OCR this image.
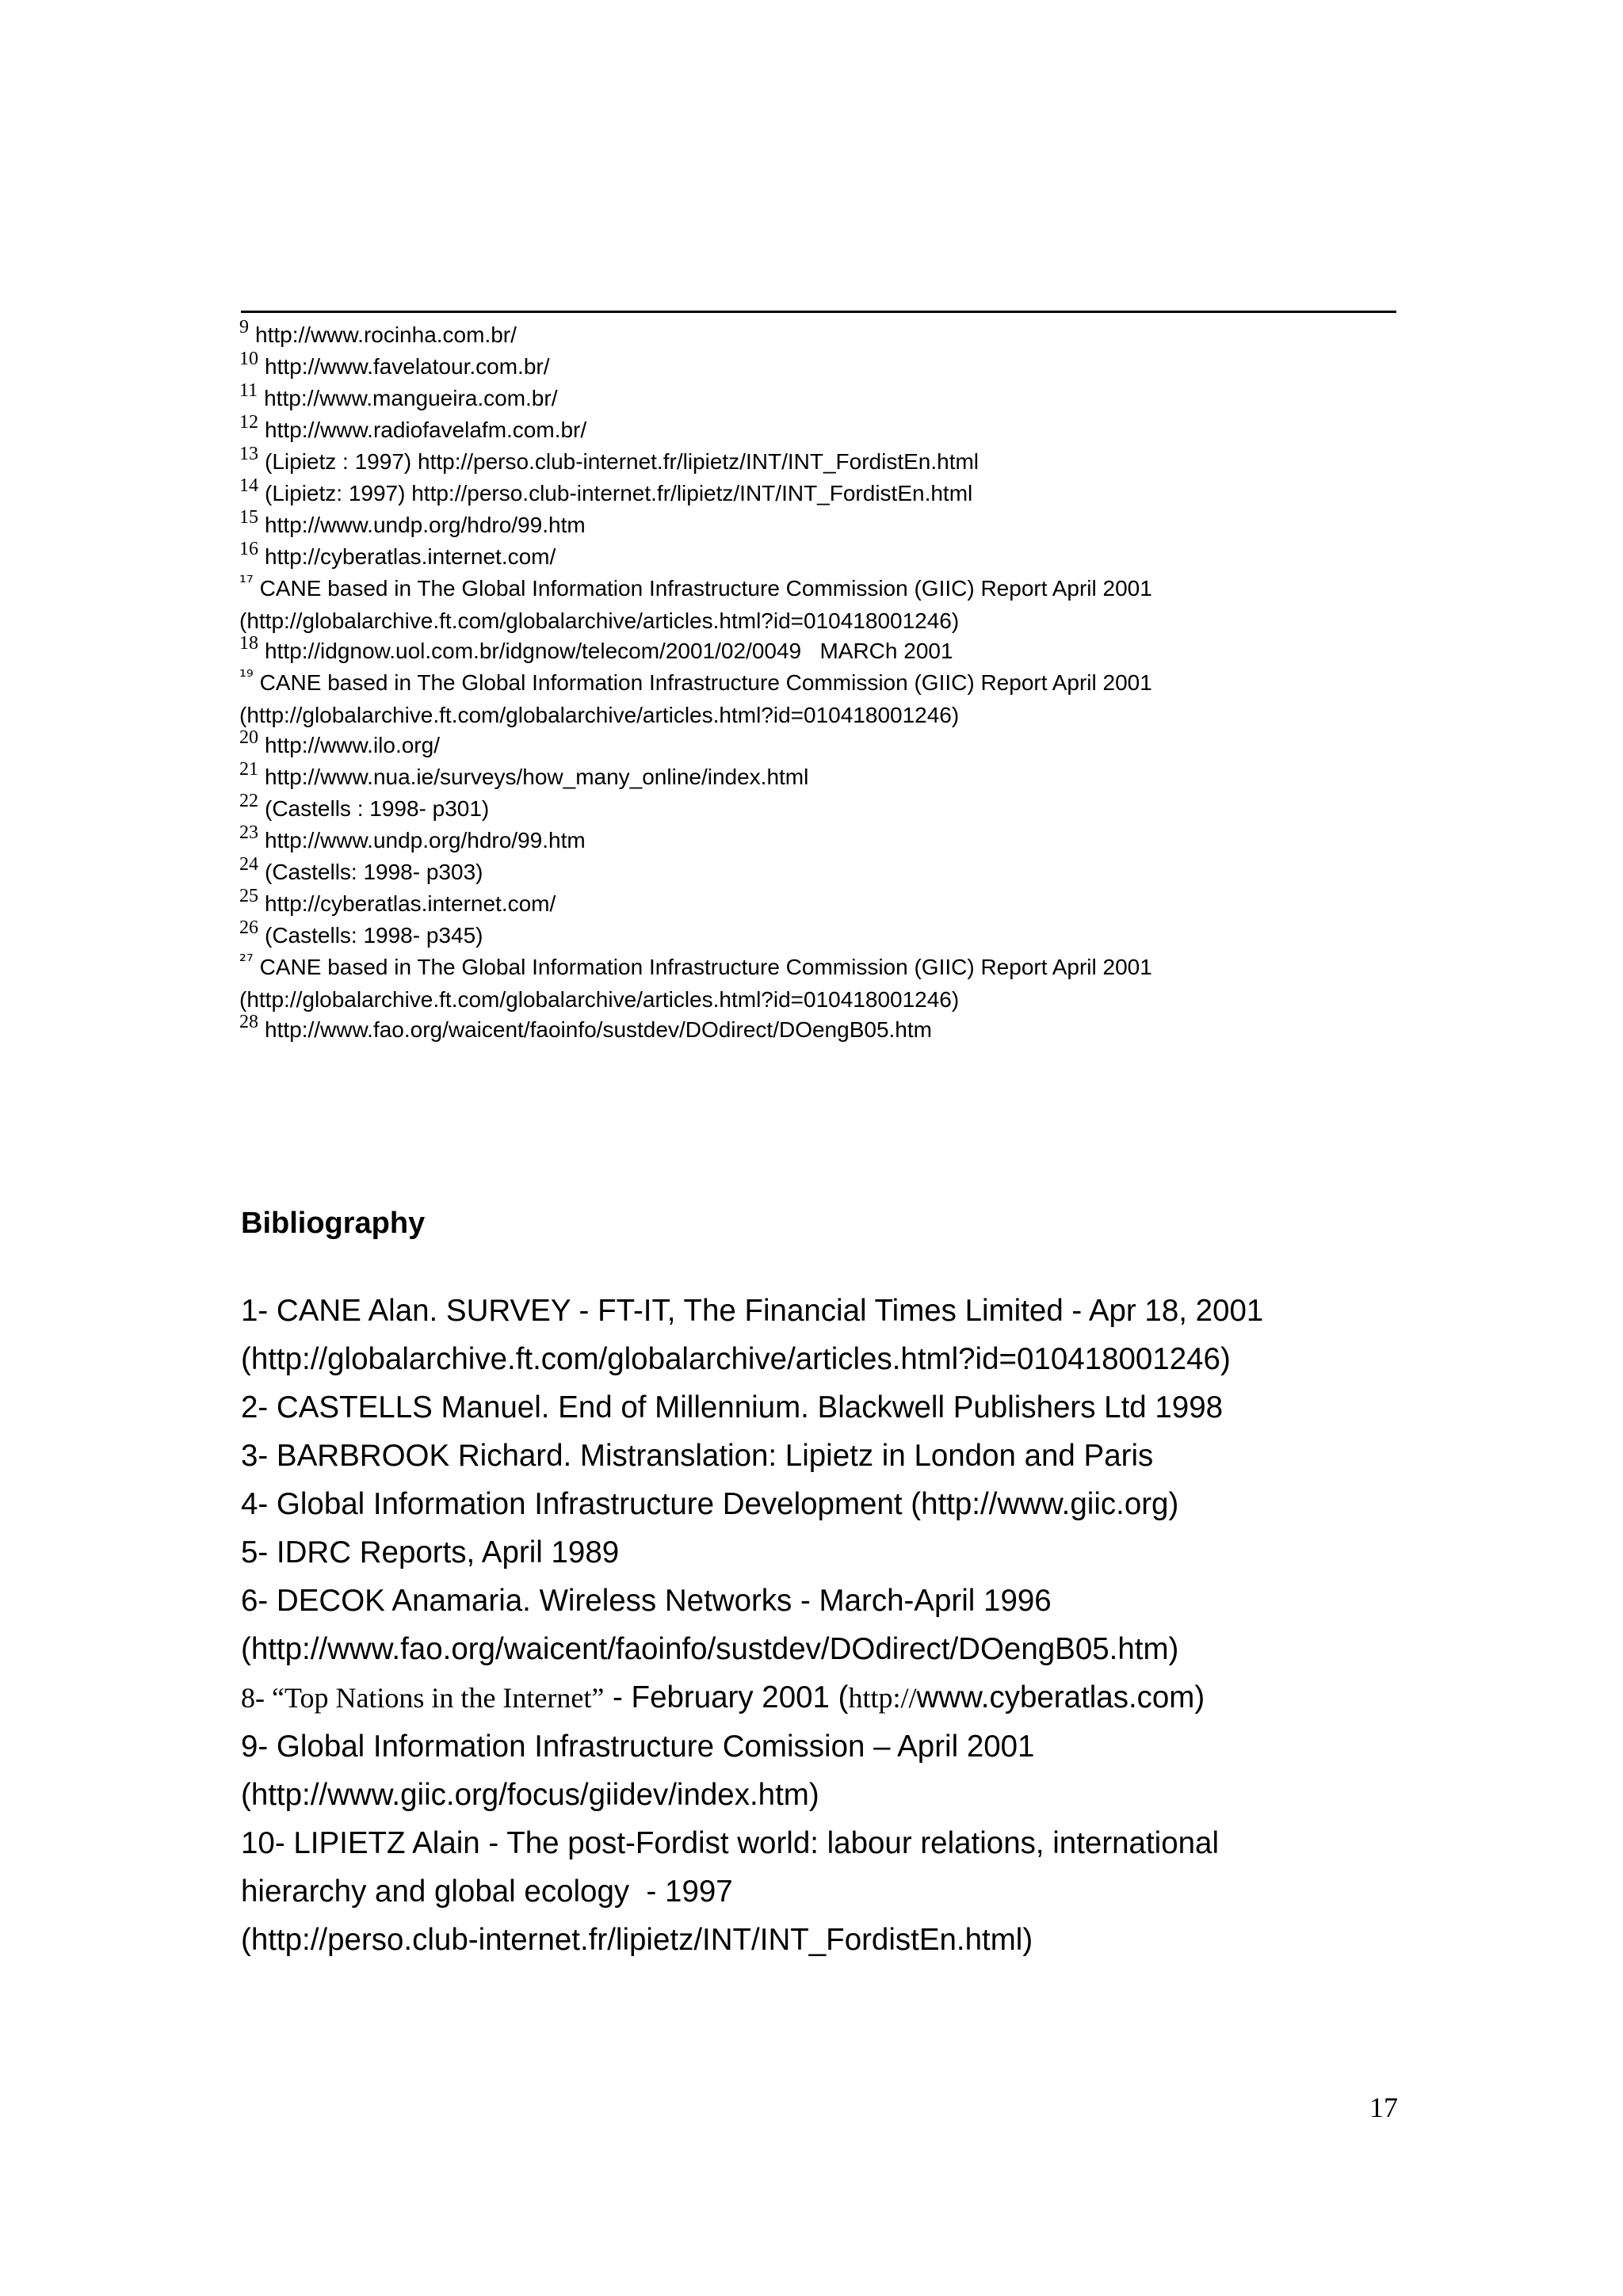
9 http://www.rocinha.com.br/
10 http://www.favelatour.com.br/
11 http://www.mangueira.com.br/
12 http://www.radiofavelafm.com.br/
13 (Lipietz : 1997) http://perso.club-internet.fr/lipietz/INT/INT_FordistEn.html
14 (Lipietz: 1997) http://perso.club-internet.fr/lipietz/INT/INT_FordistEn.html
15 http://www.undp.org/hdro/99.htm
16 http://cyberatlas.internet.com/
¹⁷ CANE based in The Global Information Infrastructure Commission (GIIC) Report April 2001
(http://globalarchive.ft.com/globalarchive/articles.html?id=010418001246)
18 http://idgnow.uol.com.br/idgnow/telecom/2001/02/0049   MARCh 2001
¹⁹ CANE based in The Global Information Infrastructure Commission (GIIC) Report April 2001
(http://globalarchive.ft.com/globalarchive/articles.html?id=010418001246)
20 http://www.ilo.org/
21 http://www.nua.ie/surveys/how_many_online/index.html
22 (Castells : 1998- p301)
23 http://www.undp.org/hdro/99.htm
24 (Castells: 1998- p303)
25 http://cyberatlas.internet.com/
26 (Castells: 1998- p345)
²⁷ CANE based in The Global Information Infrastructure Commission (GIIC) Report April 2001
(http://globalarchive.ft.com/globalarchive/articles.html?id=010418001246)
28 http://www.fao.org/waicent/faoinfo/sustdev/DOdirect/DOengB05.htm
Bibliography
1- CANE Alan. SURVEY - FT-IT, The Financial Times Limited - Apr 18, 2001
(http://globalarchive.ft.com/globalarchive/articles.html?id=010418001246)
2- CASTELLS Manuel. End of Millennium. Blackwell Publishers Ltd 1998
3- BARBROOK Richard. Mistranslation: Lipietz in London and Paris
4- Global Information Infrastructure Development (http://www.giic.org)
5- IDRC Reports, April 1989
6- DECOK Anamaria. Wireless Networks - March-April 1996
(http://www.fao.org/waicent/faoinfo/sustdev/DOdirect/DOengB05.htm)
8- “Top Nations in the Internet” - February 2001 (http://www.cyberatlas.com)
9- Global Information Infrastructure Comission – April 2001
(http://www.giic.org/focus/giidev/index.htm)
10- LIPIETZ Alain - The post-Fordist world: labour relations, international
hierarchy and global ecology  - 1997
(http://perso.club-internet.fr/lipietz/INT/INT_FordistEn.html)
17
